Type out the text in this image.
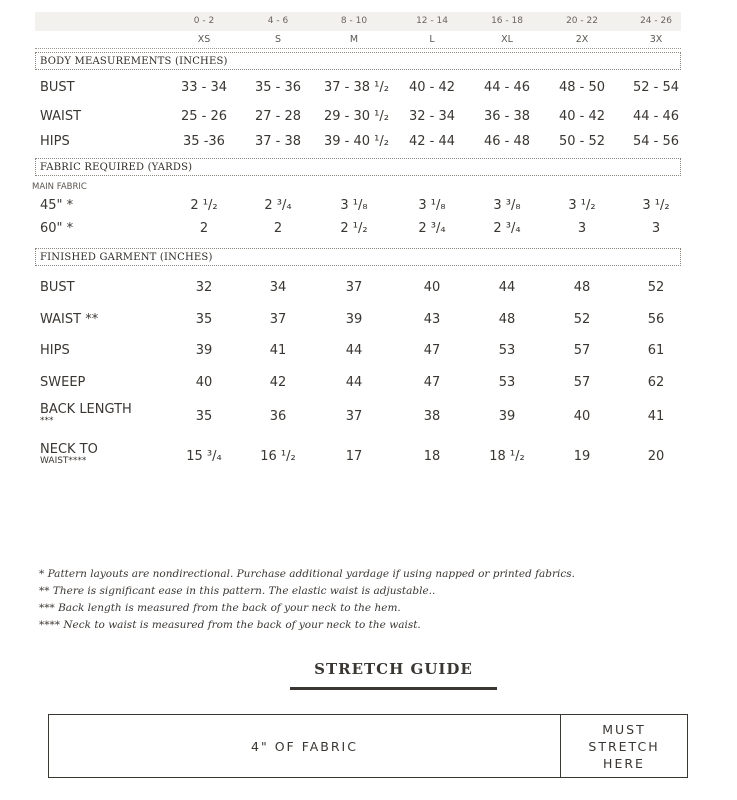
0 - 2	4 - 6	8 - 10	12 - 14	16 - 18	20 - 22	24 - 26
XS	S	M	L	XL	2X	3X
BODY MEASUREMENTS (INCHES)
BUST	33 - 34	35 - 36	37 - 38 ¹/₂	40 - 42	44 - 46	48 - 50	52 - 54
WAIST	25 - 26	27 - 28	29 - 30 ¹/₂	32 - 34	36 - 38	40 - 42	44 - 46
HIPS	35 -36	37 - 38	39 - 40 ¹/₂	42 - 44	46 - 48	50 - 52	54 - 56
FABRIC REQUIRED (YARDS)
MAIN FABRIC
45" *	2 ¹/₂	2 ³/₄	3 ¹/₈	3 ¹/₈	3 ³/₈	3 ¹/₂	3 ¹/₂
60" *	2	2	2 ¹/₂	2 ³/₄	2 ³/₄	3	3
FINISHED GARMENT (INCHES)
BUST	32	34	37	40	44	48	52
WAIST **	35	37	39	43	48	52	56
HIPS	39	41	44	47	53	57	61
SWEEP	40	42	44	47	53	57	62
BACK LENGTH
***	35	36	37	38	39	40	41
NECK TO
WAIST****	15 ³/₄	16 ¹/₂	17	18	18 ¹/₂	19	20
* Pattern layouts are nondirectional. Purchase additional yardage if using napped or printed fabrics.
** There is significant ease in this pattern. The elastic waist is adjustable..
*** Back length is measured from the back of your neck to the hem.
**** Neck to waist is measured from the back of your neck to the waist.
STRETCH GUIDE
4" OF FABRIC
MUST
STRETCH
HERE
